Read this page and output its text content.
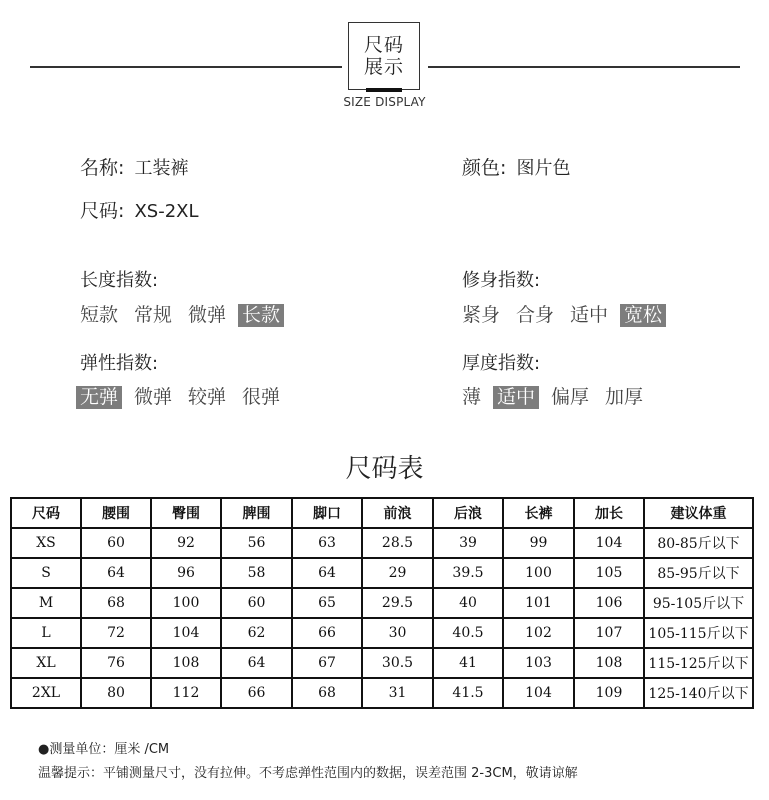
尺码
展示
SIZE DISPLAY
名称: 工装裤	颜色: 图片色
尺码: XS-2XL
长度指数:
短款 常规 微弹 长款
修身指数:
紧身 合身 适中 宽松
弹性指数:
无弹 微弹 较弹 很弹
厚度指数:
薄 适中 偏厚 加厚
尺码表
尺码	腰围	臀围	脾围	脚口	前浪	后浪	长裤	加长	建议体重
XS	60	92	56	63	28.5	39	99	104	80-85斤以下
S	64	96	58	64	29	39.5	100	105	85-95斤以下
M	68	100	60	65	29.5	40	101	106	95-105斤以下
L	72	104	62	66	30	40.5	102	107	105-115斤以下
XL	76	108	64	67	30.5	41	103	108	115-125斤以下
2XL	80	112	66	68	31	41.5	104	109	125-140斤以下
●测量单位：厘米 /CM
温馨提示：平铺测量尺寸，没有拉伸。不考虑弹性范围内的数据，误差范围 2-3CM，敬请谅解
